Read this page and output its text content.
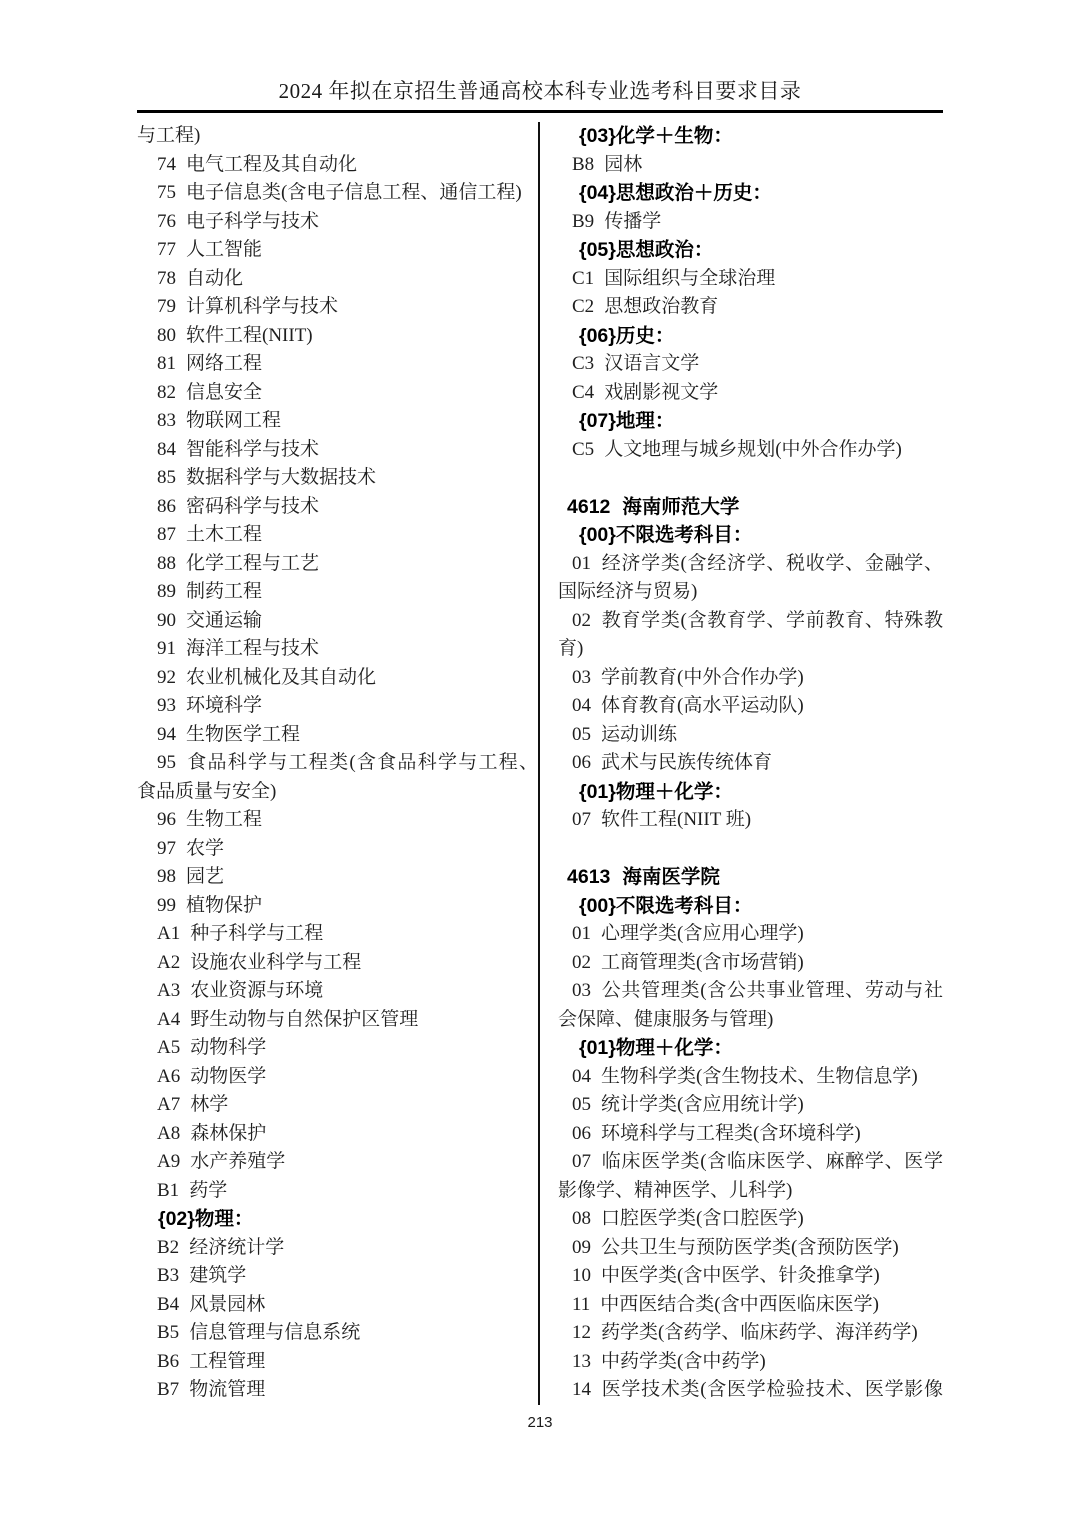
2024 年拟在京招生普通高校本科专业选考科目要求目录
与工程)
74 电气工程及其自动化
75 电子信息类(含电子信息工程、通信工程)
76 电子科学与技术
77 人工智能
78 自动化
79 计算机科学与技术
80 软件工程(NIIT)
81 网络工程
82 信息安全
83 物联网工程
84 智能科学与技术
85 数据科学与大数据技术
86 密码科学与技术
87 土木工程
88 化学工程与工艺
89 制药工程
90 交通运输
91 海洋工程与技术
92 农业机械化及其自动化
93 环境科学
94 生物医学工程
95 食品科学与工程类(含食品科学与工程、
食品质量与安全)
96 生物工程
97 农学
98 园艺
99 植物保护
A1 种子科学与工程
A2 设施农业科学与工程
A3 农业资源与环境
A4 野生动物与自然保护区管理
A5 动物科学
A6 动物医学
A7 林学
A8 森林保护
A9 水产养殖学
B1 药学
{02}物理：
B2 经济统计学
B3 建筑学
B4 风景园林
B5 信息管理与信息系统
B6 工程管理
B7 物流管理
{03}化学＋生物：
B8 园林
{04}思想政治＋历史：
B9 传播学
{05}思想政治：
C1 国际组织与全球治理
C2 思想政治教育
{06}历史：
C3 汉语言文学
C4 戏剧影视文学
{07}地理：
C5 人文地理与城乡规划(中外合作办学)

4612 海南师范大学
{00}不限选考科目：
01 经济学类(含经济学、税收学、金融学、
国际经济与贸易)
02 教育学类(含教育学、学前教育、特殊教
育)
03 学前教育(中外合作办学)
04 体育教育(高水平运动队)
05 运动训练
06 武术与民族传统体育
{01}物理＋化学：
07 软件工程(NIIT 班)

4613 海南医学院
{00}不限选考科目：
01 心理学类(含应用心理学)
02 工商管理类(含市场营销)
03 公共管理类(含公共事业管理、劳动与社
会保障、健康服务与管理)
{01}物理＋化学：
04 生物科学类(含生物技术、生物信息学)
05 统计学类(含应用统计学)
06 环境科学与工程类(含环境科学)
07 临床医学类(含临床医学、麻醉学、医学
影像学、精神医学、儿科学)
08 口腔医学类(含口腔医学)
09 公共卫生与预防医学类(含预防医学)
10 中医学类(含中医学、针灸推拿学)
11 中西医结合类(含中西医临床医学)
12 药学类(含药学、临床药学、海洋药学)
13 中药学类(含中药学)
14 医学技术类(含医学检验技术、医学影像
213
